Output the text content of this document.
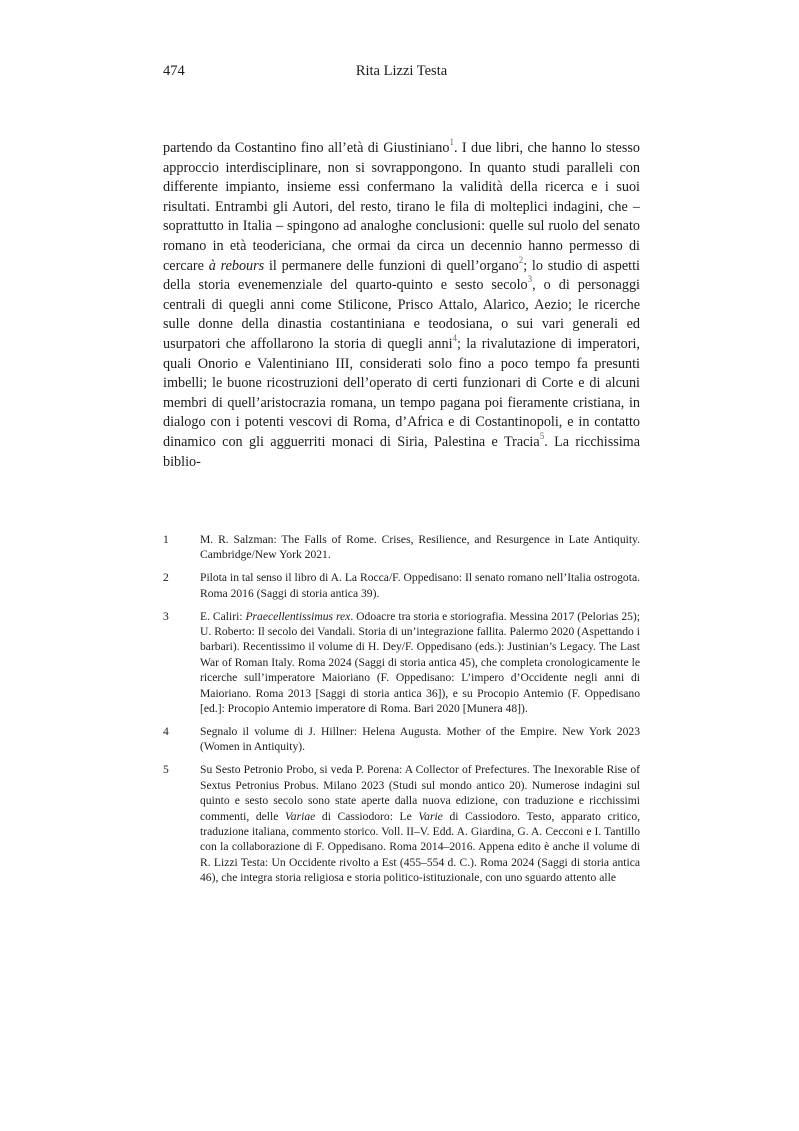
474	Rita Lizzi Testa

partendo da Costantino fino all’età di Giustiniano$^1$. I due libri, che hanno lo stesso approccio interdisciplinare, non si sovrappongono. In quanto studi paralleli con differente impianto, insieme essi confermano la validità della ricerca e i suoi risultati. Entrambi gli Autori, del resto, tirano le fila di molteplici indagini, che – soprattutto in Italia – spingono ad analoghe conclusioni: quelle sul ruolo del senato romano in età teodericiana, che ormai da circa un decennio hanno permesso di cercare à rebours il permanere delle funzioni di quell’organo$^2$; lo studio di aspetti della storia evenemenziale del quarto-quinto e sesto secolo$^3$, o di personaggi centrali di quegli anni come Stilicone, Prisco Attalo, Alarico, Aezio; le ricerche sulle donne della dinastia costantiniana e teodosiana, o sui vari generali ed usurpatori che affollarono la storia di quegli anni$^4$; la rivalutazione di imperatori, quali Onorio e Valentiniano III, considerati solo fino a poco tempo fa presunti imbelli; le buone ricostruzioni dell’operato di certi funzionari di Corte e di alcuni membri di quell’aristocrazia romana, un tempo pagana poi fieramente cristiana, in dialogo con i potenti vescovi di Roma, d’Africa e di Costantinopoli, e in contatto dinamico con gli agguerriti monaci di Siria, Palestina e Tracia$^5$. La ricchissima biblio-

1	M. R. Salzman: The Falls of Rome. Crises, Resilience, and Resurgence in Late Antiquity. Cambridge/New York 2021.
2	Pilota in tal senso il libro di A. La Rocca/F. Oppedisano: Il senato romano nell’Italia ostrogota. Roma 2016 (Saggi di storia antica 39).
3	E. Caliri: Praecellentissimus rex. Odoacre tra storia e storiografia. Messina 2017 (Pelorias 25); U. Roberto: Il secolo dei Vandali. Storia di un’integrazione fallita. Palermo 2020 (Aspettando i barbari). Recentissimo il volume di H. Dey/F. Oppedisano (eds.): Justinian’s Legacy. The Last War of Roman Italy. Roma 2024 (Saggi di storia antica 45), che completa cronologicamente le ricerche sull’imperatore Maioriano (F. Oppedisano: L’impero d’Occidente negli anni di Maioriano. Roma 2013 [Saggi di storia antica 36]), e su Procopio Antemio (F. Oppedisano [ed.]: Procopio Antemio imperatore di Roma. Bari 2020 [Munera 48]).
4	Segnalo il volume di J. Hillner: Helena Augusta. Mother of the Empire. New York 2023 (Women in Antiquity).
5	Su Sesto Petronio Probo, si veda P. Porena: A Collector of Prefectures. The Inexorable Rise of Sextus Petronius Probus. Milano 2023 (Studi sul mondo antico 20). Numerose indagini sul quinto e sesto secolo sono state aperte dalla nuova edizione, con traduzione e ricchissimi commenti, delle Variae di Cassiodoro: Le Varie di Cassiodoro. Testo, apparato critico, traduzione italiana, commento storico. Voll. II–V. Edd. A. Giardina, G. A. Cecconi e I. Tantillo con la collaborazione di F. Oppedisano. Roma 2014–2016. Appena edito è anche il volume di R. Lizzi Testa: Un Occidente rivolto a Est (455–554 d. C.). Roma 2024 (Saggi di storia antica 46), che integra storia religiosa e storia politico-istituzionale, con uno sguardo attento alle
